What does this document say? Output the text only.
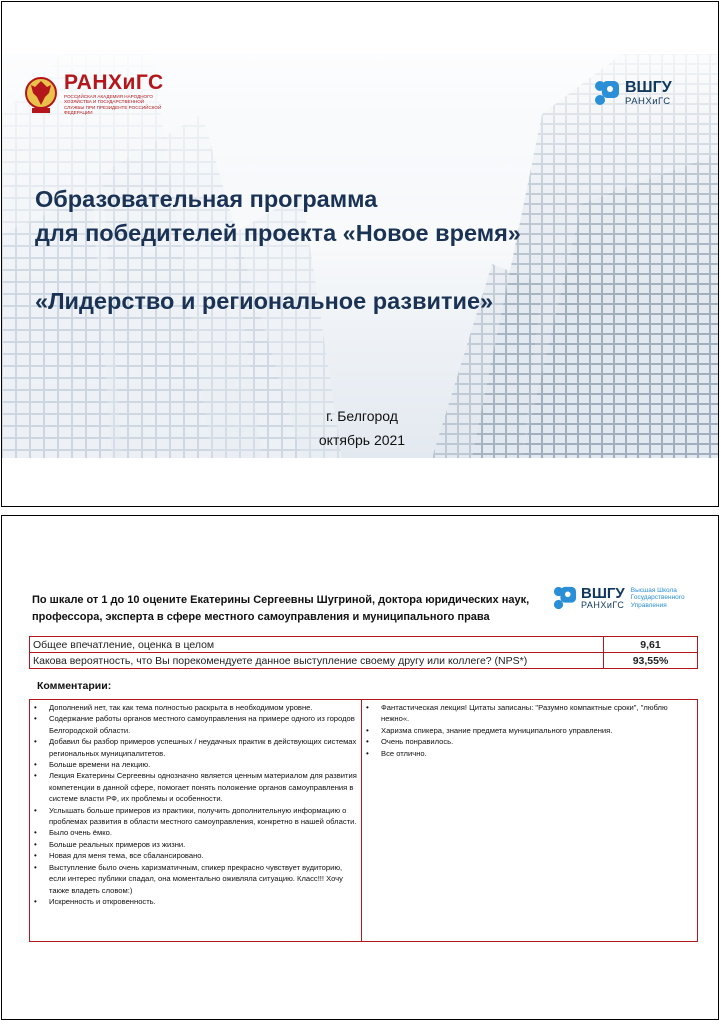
РАНХиГС
РОССИЙСКАЯ АКАДЕМИЯ НАРОДНОГО ХОЗЯЙСТВА И ГОСУДАРСТВЕННОЙ СЛУЖБЫ ПРИ ПРЕЗИДЕНТЕ РОССИЙСКОЙ ФЕДЕРАЦИИ
ВШГУ
РАНХиГС
Образовательная программа
для победителей проекта «Новое время»
«Лидерство и региональное развитие»
г. Белгород
октябрь 2021
По шкале от 1 до 10 оцените Екатерины Сергеевны Шугриной, доктора юридических наук, профессора, эксперта в сфере местного самоуправления и муниципального права
ВШГУ
РАНХиГС
Высшая Школа
Государственного
Управления
Общее впечатление, оценка в целом	9,61
Какова вероятность, что Вы порекомендуете данное выступление своему другу или коллеге? (NPS*)	93,55%
Комментарии:
• Дополнений нет, так как тема полностью раскрыта в необходимом уровне.
• Содержание работы органов местного самоуправления на примере одного из городов Белгородской области.
• Добавил бы разбор примеров успешных / неудачных практик в действующих системах региональных муниципалитетов.
• Больше времени на лекцию.
• Лекция Екатерины Сергеевны однозначно является ценным материалом для развития компетенции в данной сфере, помогает понять положение органов самоуправления в системе власти РФ, их проблемы и особенности.
• Услышать больше примеров из практики, получить дополнительную информацию о проблемах развития в области местного самоуправления, конкретно в нашей области.
• Было очень ёмко.
• Больше реальных примеров из жизни.
• Новая для меня тема, все сбалансировано.
• Выступление было очень харизматичным, спикер прекрасно чувствует вудиторию, если интерес публики спадал, она моментально оживляла ситуацию. Класс!!! Хочу также владеть словом:)
• Искренность и откровенность.
• Фантастическая лекция! Цитаты записаны: "Разумно компактные сроки", "люблю нежно«.
• Харизма спикера, знание предмета муниципального управления.
• Очень понравилось.
• Все отлично.
